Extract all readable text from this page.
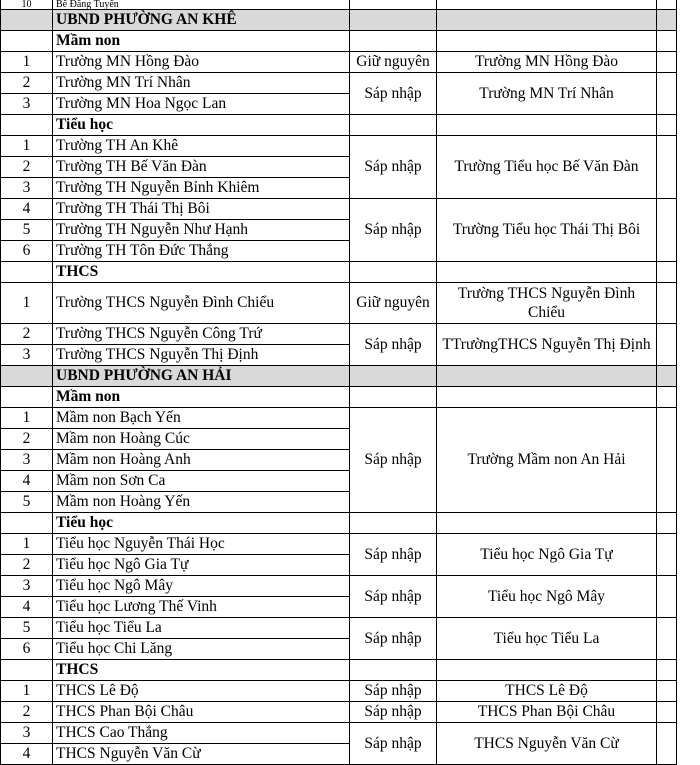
10	Bế Đăng Tuyến			
	UBND PHƯỜNG AN KHÊ			
	Mầm non			
1	Trường MN Hồng Đào	Giữ nguyên	Trường MN Hồng Đào	
2	Trường MN Trí Nhân	Sáp nhập	Trường MN Trí Nhân	
3	Trường MN Hoa Ngọc Lan			
	Tiểu học			
1	Trường TH An Khê	Sáp nhập	Trường Tiểu học Bế Văn Đàn	
2	Trường TH Bế Văn Đàn			
3	Trường TH Nguyễn Bỉnh Khiêm			
4	Trường TH Thái Thị Bôi	Sáp nhập	Trường Tiểu học Thái Thị Bôi	
5	Trường TH Nguyễn Như Hạnh			
6	Trường TH Tôn Đức Thắng			
	THCS			
1	Trường THCS Nguyễn Đình Chiểu	Giữ nguyên	Trường THCS Nguyễn Đình Chiểu	
2	Trường THCS Nguyễn Công Trứ	Sáp nhập	TTrườngTHCS Nguyễn Thị Định	
3	Trường THCS Nguyễn Thị Định			
	UBND PHƯỜNG AN HẢI			
	Mầm non			
1	Mầm non Bạch Yến	Sáp nhập	Trường Mầm non An Hải	
2	Mầm non Hoàng Cúc			
3	Mầm non Hoàng Anh			
4	Mầm non Sơn Ca			
5	Mầm non Hoàng Yến			
	Tiểu học			
1	Tiểu học Nguyễn Thái Học	Sáp nhập	Tiểu học Ngô Gia Tự	
2	Tiểu học Ngô Gia Tự			
3	Tiểu học Ngô Mây	Sáp nhập	Tiểu học Ngô Mây	
4	Tiểu học Lương Thế Vinh			
5	Tiểu học Tiểu La	Sáp nhập	Tiểu học Tiểu La	
6	Tiểu học Chi Lăng			
	THCS			
1	THCS Lê Độ	Sáp nhập	THCS Lê Độ	
2	THCS Phan Bội Châu	Sáp nhập	THCS Phan Bội Châu	
3	THCS Cao Thắng	Sáp nhập	THCS Nguyễn Văn Cừ	
4	THCS Nguyễn Văn Cừ			
